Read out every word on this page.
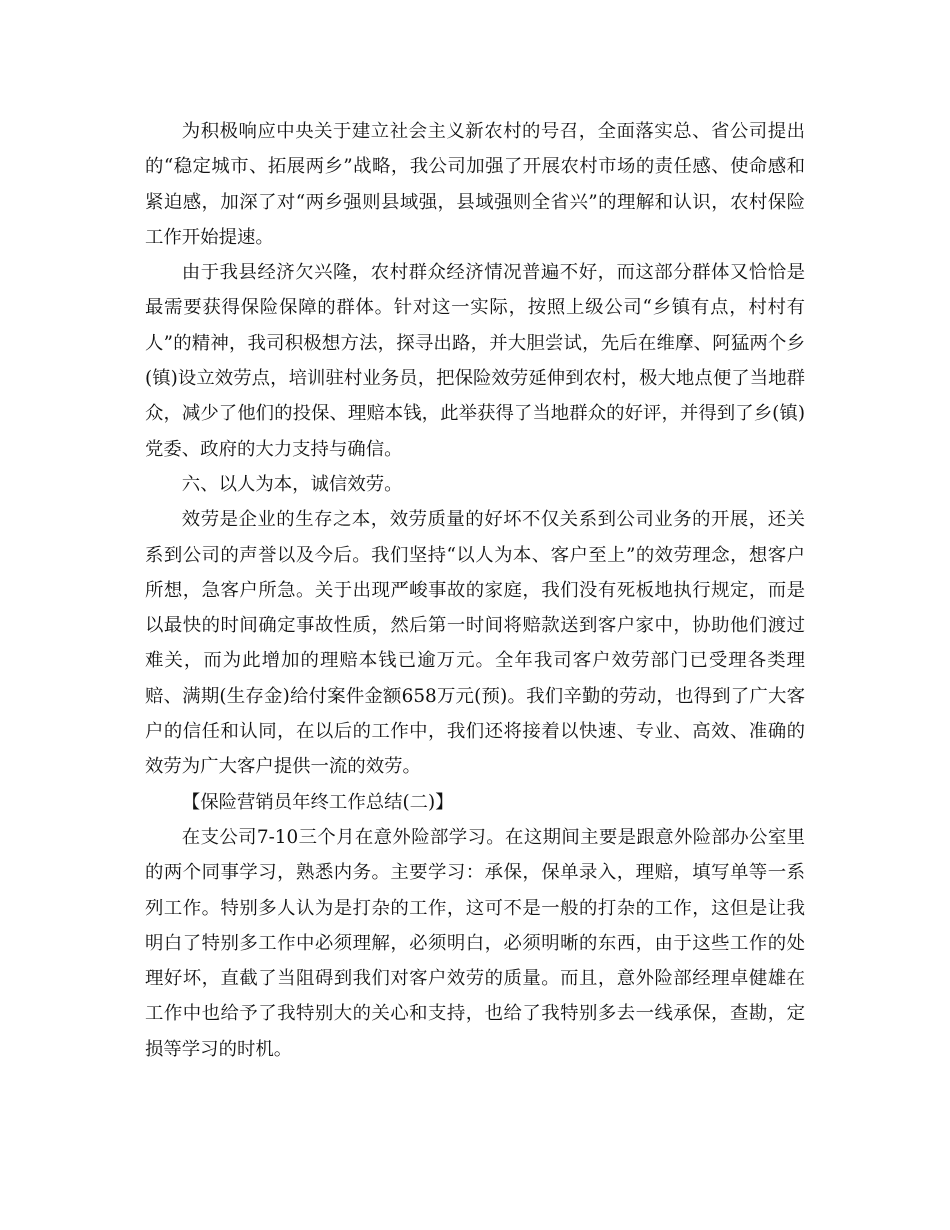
为积极响应中央关于建立社会主义新农村的号召，全面落实总、省公司提出的“稳定城市、拓展两乡”战略，我公司加强了开展农村市场的责任感、使命感和紧迫感，加深了对“两乡强则县域强，县域强则全省兴”的理解和认识，农村保险工作开始提速。

由于我县经济欠兴隆，农村群众经济情况普遍不好，而这部分群体又恰恰是最需要获得保险保障的群体。针对这一实际，按照上级公司“乡镇有点，村村有人”的精神，我司积极想方法，探寻出路，并大胆尝试，先后在维摩、阿猛两个乡(镇)设立效劳点，培训驻村业务员，把保险效劳延伸到农村，极大地点便了当地群众，减少了他们的投保、理赔本钱，此举获得了当地群众的好评，并得到了乡(镇)党委、政府的大力支持与确信。

六、以人为本，诚信效劳。

效劳是企业的生存之本，效劳质量的好坏不仅关系到公司业务的开展，还关系到公司的声誉以及今后。我们坚持“以人为本、客户至上”的效劳理念，想客户所想，急客户所急。关于出现严峻事故的家庭，我们没有死板地执行规定，而是以最快的时间确定事故性质，然后第一时间将赔款送到客户家中，协助他们渡过难关，而为此增加的理赔本钱已逾万元。全年我司客户效劳部门已受理各类理赔、满期(生存金)给付案件金额658万元(预)。我们辛勤的劳动，也得到了广大客户的信任和认同，在以后的工作中，我们还将接着以快速、专业、高效、准确的效劳为广大客户提供一流的效劳。

【保险营销员年终工作总结(二)】

在支公司7-10三个月在意外险部学习。在这期间主要是跟意外险部办公室里的两个同事学习，熟悉内务。主要学习：承保，保单录入，理赔，填写单等一系列工作。特别多人认为是打杂的工作，这可不是一般的打杂的工作，这但是让我明白了特别多工作中必须理解，必须明白，必须明晰的东西，由于这些工作的处理好坏，直截了当阻碍到我们对客户效劳的质量。而且，意外险部经理卓健雄在工作中也给予了我特别大的关心和支持，也给了我特别多去一线承保，查勘，定损等学习的时机。
